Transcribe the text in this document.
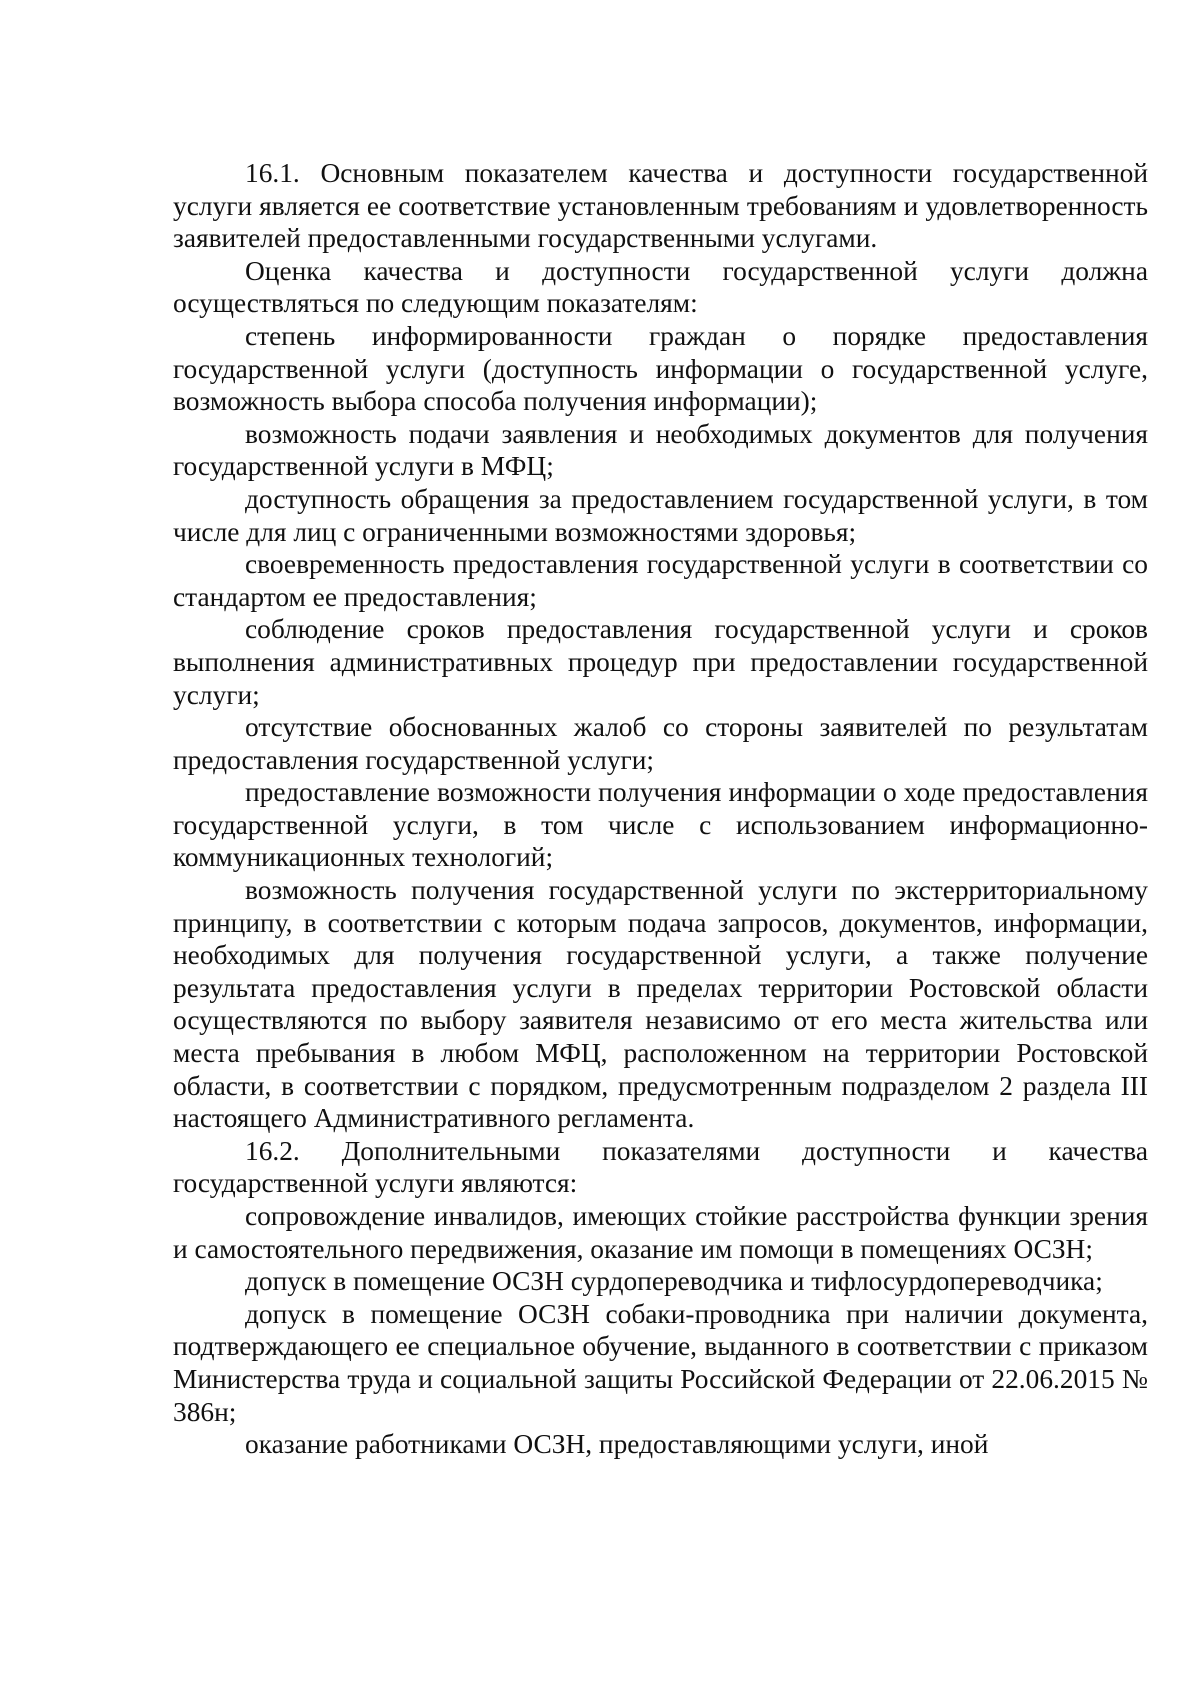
16.1. Основным показателем качества и доступности государственной услуги является ее соответствие установленным требованиям и удовлетворенность заявителей предоставленными государственными услугами.

Оценка качества и доступности государственной услуги должна осуществляться по следующим показателям:

степень информированности граждан о порядке предоставления государственной услуги (доступность информации о государственной услуге, возможность выбора способа получения информации);

возможность подачи заявления и необходимых документов для получения государственной услуги в МФЦ;

доступность обращения за предоставлением государственной услуги, в том числе для лиц с ограниченными возможностями здоровья;

своевременность предоставления государственной услуги в соответствии со стандартом ее предоставления;

соблюдение сроков предоставления государственной услуги и сроков выполнения административных процедур при предоставлении государственной услуги;

отсутствие обоснованных жалоб со стороны заявителей по результатам предоставления государственной услуги;

предоставление возможности получения информации о ходе предоставления государственной услуги, в том числе с использованием информационно-коммуникационных технологий;

возможность получения государственной услуги по экстерриториальному принципу, в соответствии с которым подача запросов, документов, информации, необходимых для получения государственной услуги, а также получение результата предоставления услуги в пределах территории Ростовской области осуществляются по выбору заявителя независимо от его места жительства или места пребывания в любом МФЦ, расположенном на территории Ростовской области, в соответствии с порядком, предусмотренным подразделом 2 раздела III настоящего Административного регламента.

16.2. Дополнительными показателями доступности и качества государственной услуги являются:

сопровождение инвалидов, имеющих стойкие расстройства функции зрения и самостоятельного передвижения, оказание им помощи в помещениях ОСЗН;

допуск в помещение ОСЗН сурдопереводчика и тифлосурдопереводчика;

допуск в помещение ОСЗН собаки-проводника при наличии документа, подтверждающего ее специальное обучение, выданного в соответствии с приказом Министерства труда и социальной защиты Российской Федерации от 22.06.2015 № 386н;

оказание работниками ОСЗН, предоставляющими услуги, иной
